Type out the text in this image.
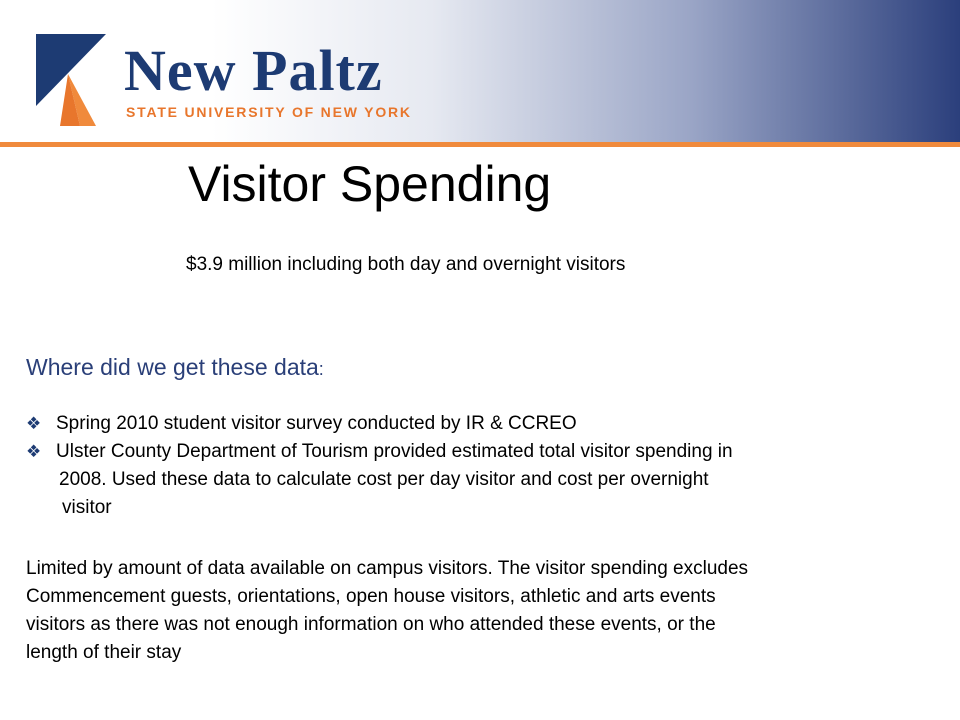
New Paltz
STATE UNIVERSITY OF NEW YORK
Visitor Spending
$3.9 million including both day and overnight visitors
Where did we get these data:
❖ Spring 2010 student visitor survey conducted by IR & CCREO
❖ Ulster County Department of Tourism provided estimated total visitor spending in
2008. Used these data to calculate cost per day visitor and cost per overnight
visitor
Limited by amount of data available on campus visitors. The visitor spending excludes
Commencement guests, orientations, open house visitors, athletic and arts events
visitors as there was not enough information on who attended these events, or the
length of their stay
